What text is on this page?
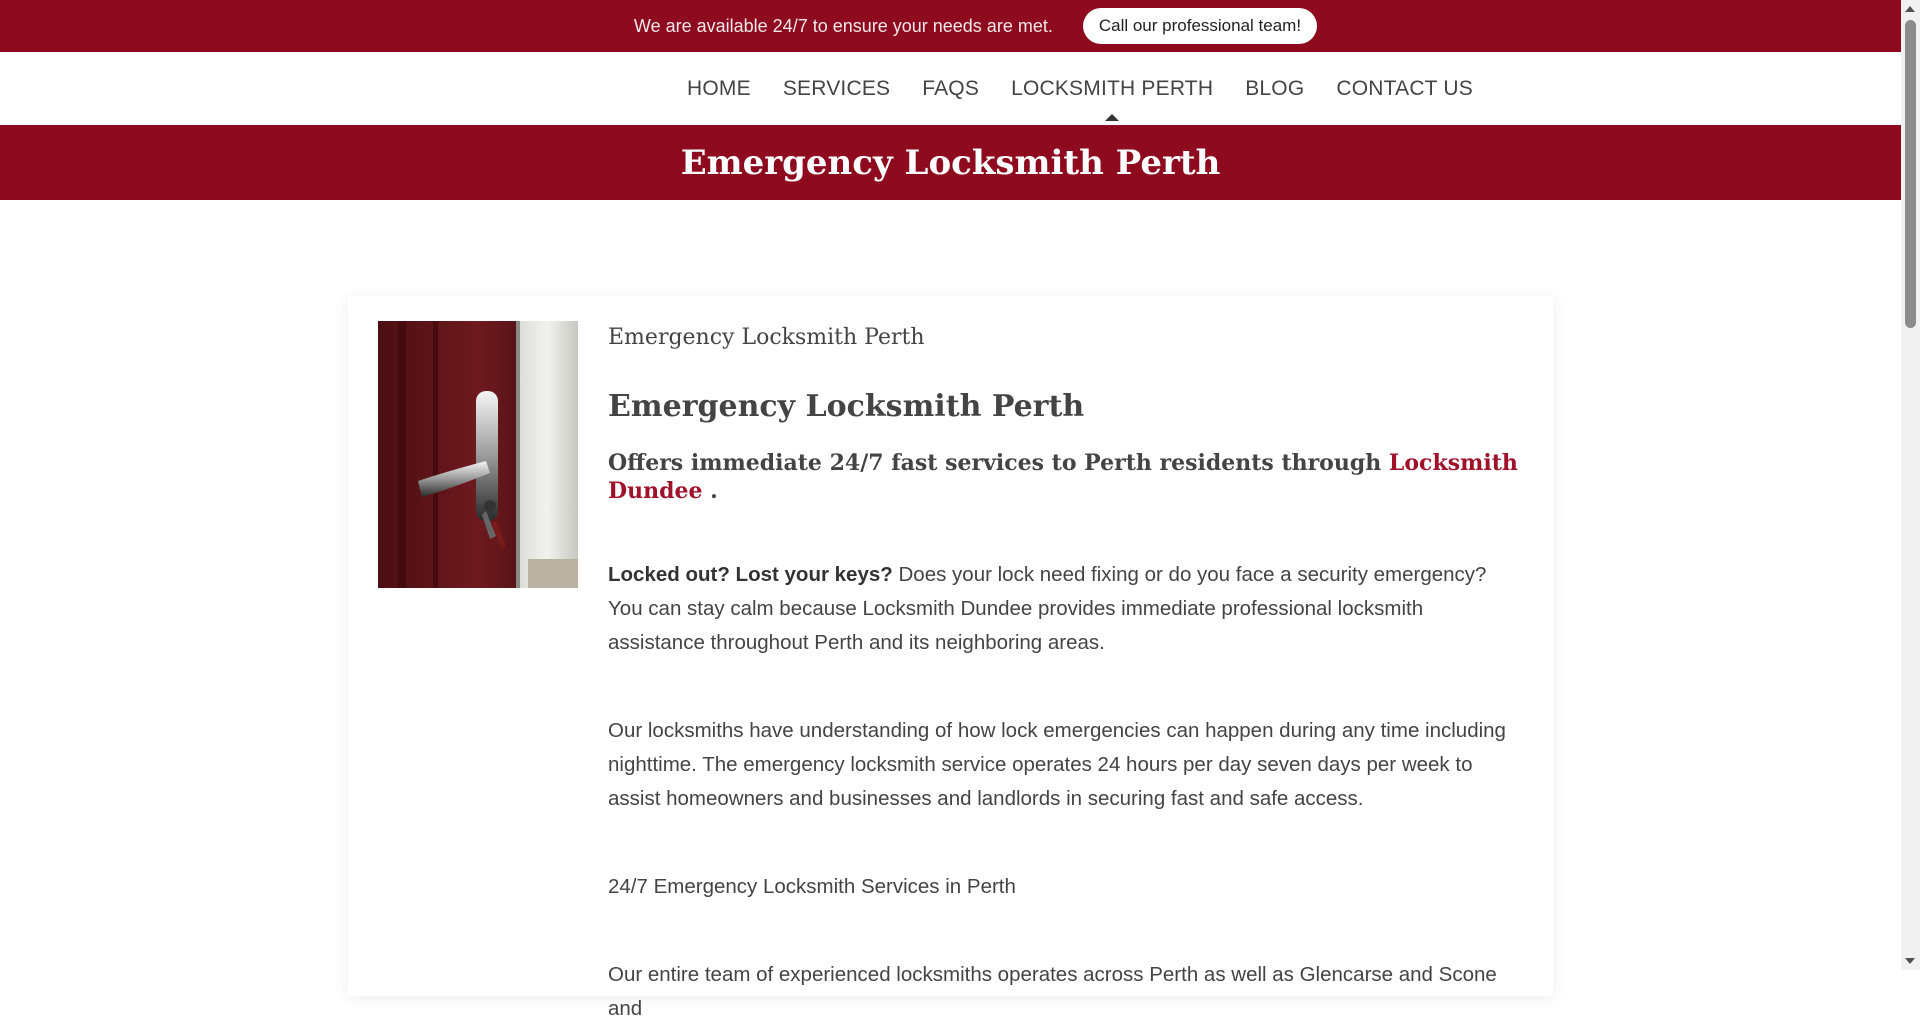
We are available 24/7 to ensure your needs are met.	Call our professional team!
HOME SERVICES FAQS LOCKSMITH PERTH BLOG CONTACT US
Emergency Locksmith Perth
Emergency Locksmith Perth
Emergency Locksmith Perth
Offers immediate 24/7 fast services to Perth residents through Locksmith Dundee .

Locked out? Lost your keys? Does your lock need fixing or do you face a security emergency? You can stay calm because Locksmith Dundee provides immediate professional locksmith assistance throughout Perth and its neighboring areas.

Our locksmiths have understanding of how lock emergencies can happen during any time including nighttime. The emergency locksmith service operates 24 hours per day seven days per week to assist homeowners and businesses and landlords in securing fast and safe access.

24/7 Emergency Locksmith Services in Perth

Our entire team of experienced locksmiths operates across Perth as well as Glencarse and Scone and
